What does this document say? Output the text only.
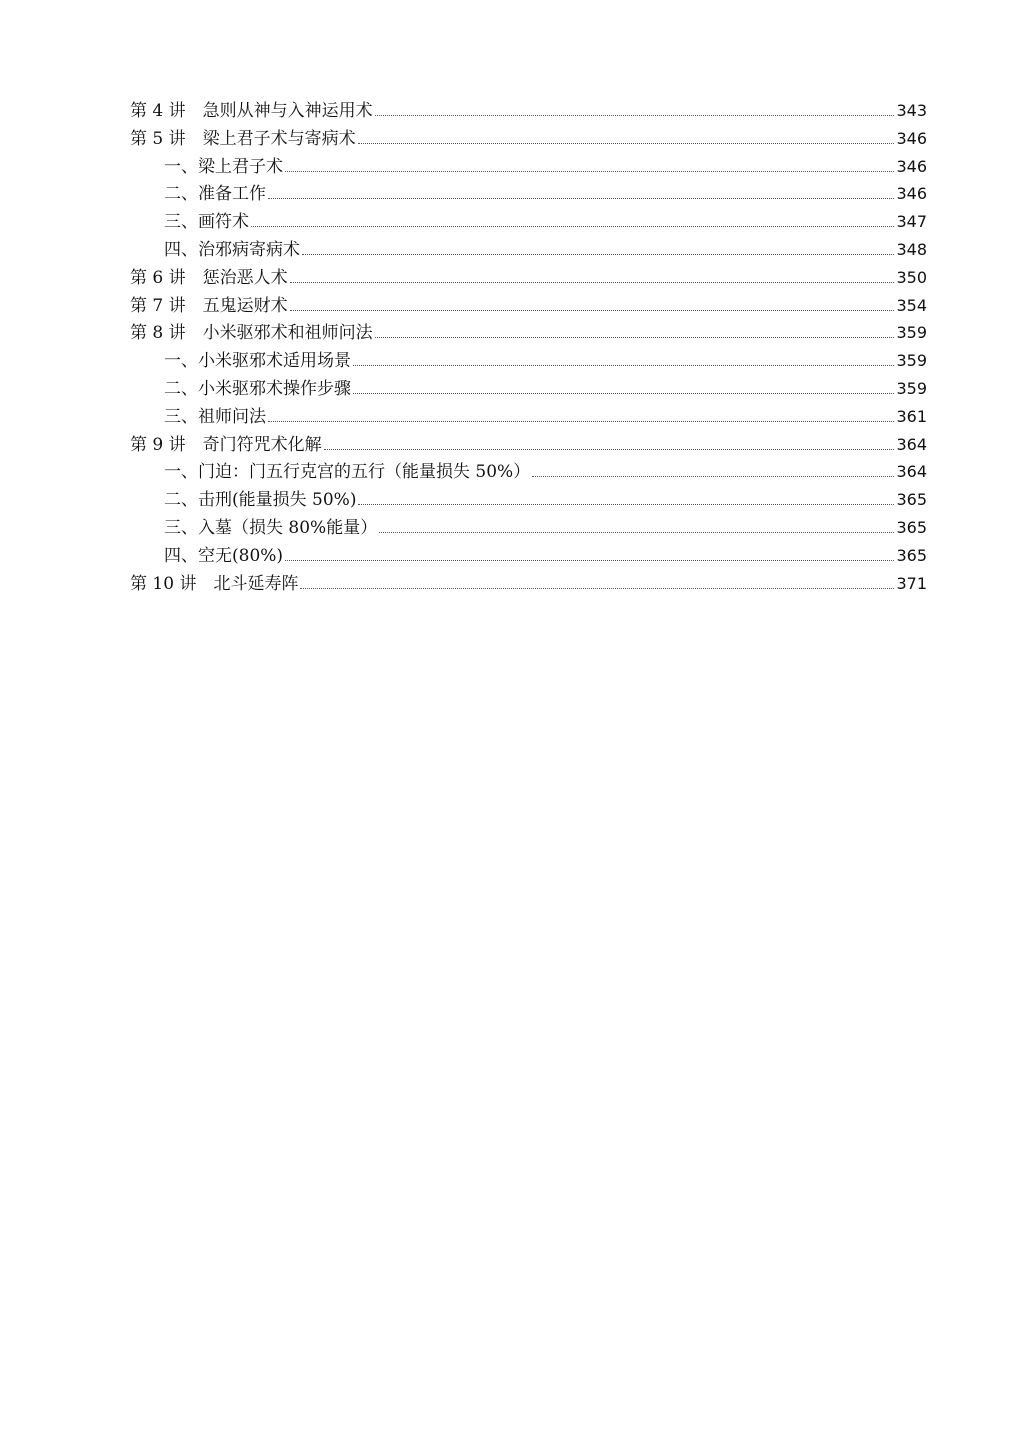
第 4 讲　急则从神与入神运用术	343
第 5 讲　梁上君子术与寄病术	346
一、梁上君子术	346
二、准备工作	346
三、画符术	347
四、治邪病寄病术	348
第 6 讲　惩治恶人术	350
第 7 讲　五鬼运财术	354
第 8 讲　小米驱邪术和祖师问法	359
一、小米驱邪术适用场景	359
二、小米驱邪术操作步骤	359
三、祖师问法	361
第 9 讲　奇门符咒术化解	364
一、门迫：门五行克宫的五行（能量损失 50%）	364
二、击刑(能量损失 50%)	365
三、入墓（损失 80%能量）	365
四、空无(80%)	365
第 10 讲　北斗延寿阵	371
